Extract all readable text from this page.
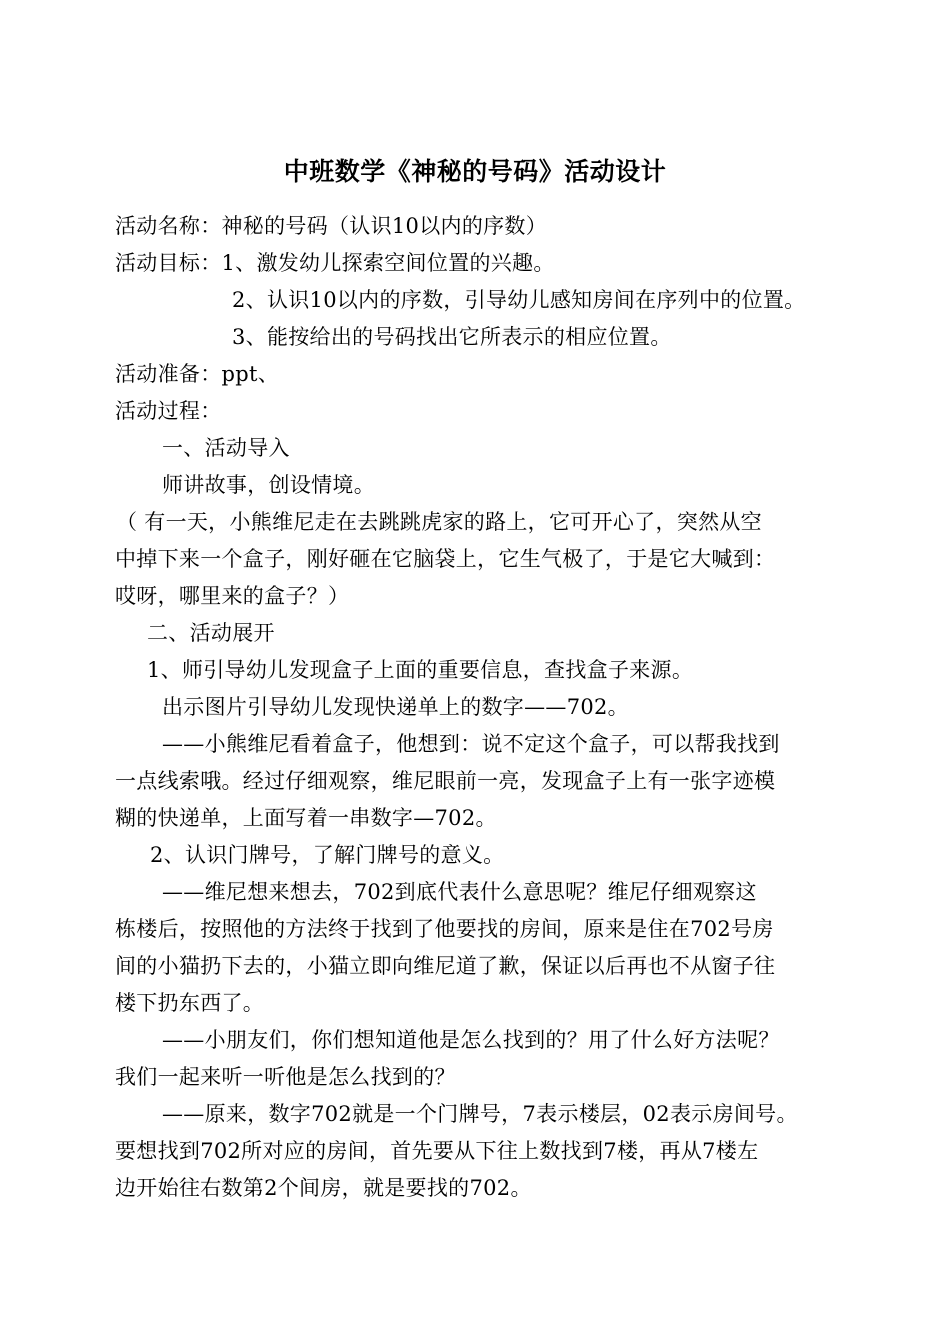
中班数学《神秘的号码》活动设计
活动名称：神秘的号码（认识10以内的序数）
活动目标：1、激发幼儿探索空间位置的兴趣。
2、认识10以内的序数，引导幼儿感知房间在序列中的位置。
3、能按给出的号码找出它所表示的相应位置。
活动准备：ppt、
活动过程：
一、活动导入
师讲故事，创设情境。
（ 有一天，小熊维尼走在去跳跳虎家的路上，它可开心了，突然从空
中掉下来一个盒子，刚好砸在它脑袋上，它生气极了，于是它大喊到：
哎呀，哪里来的盒子？）
二、活动展开
1、师引导幼儿发现盒子上面的重要信息，查找盒子来源。
出示图片引导幼儿发现快递单上的数字——702。
——小熊维尼看着盒子，他想到：说不定这个盒子，可以帮我找到
一点线索哦。经过仔细观察，维尼眼前一亮，发现盒子上有一张字迹模
糊的快递单，上面写着一串数字—702。
2、认识门牌号，了解门牌号的意义。
——维尼想来想去，702到底代表什么意思呢？维尼仔细观察这
栋楼后，按照他的方法终于找到了他要找的房间，原来是住在702号房
间的小猫扔下去的，小猫立即向维尼道了歉，保证以后再也不从窗子往
楼下扔东西了。
——小朋友们，你们想知道他是怎么找到的？用了什么好方法呢？
我们一起来听一听他是怎么找到的？
——原来，数字702就是一个门牌号，7表示楼层，02表示房间号。
要想找到702所对应的房间，首先要从下往上数找到7楼，再从7楼左
边开始往右数第2个间房，就是要找的702。
